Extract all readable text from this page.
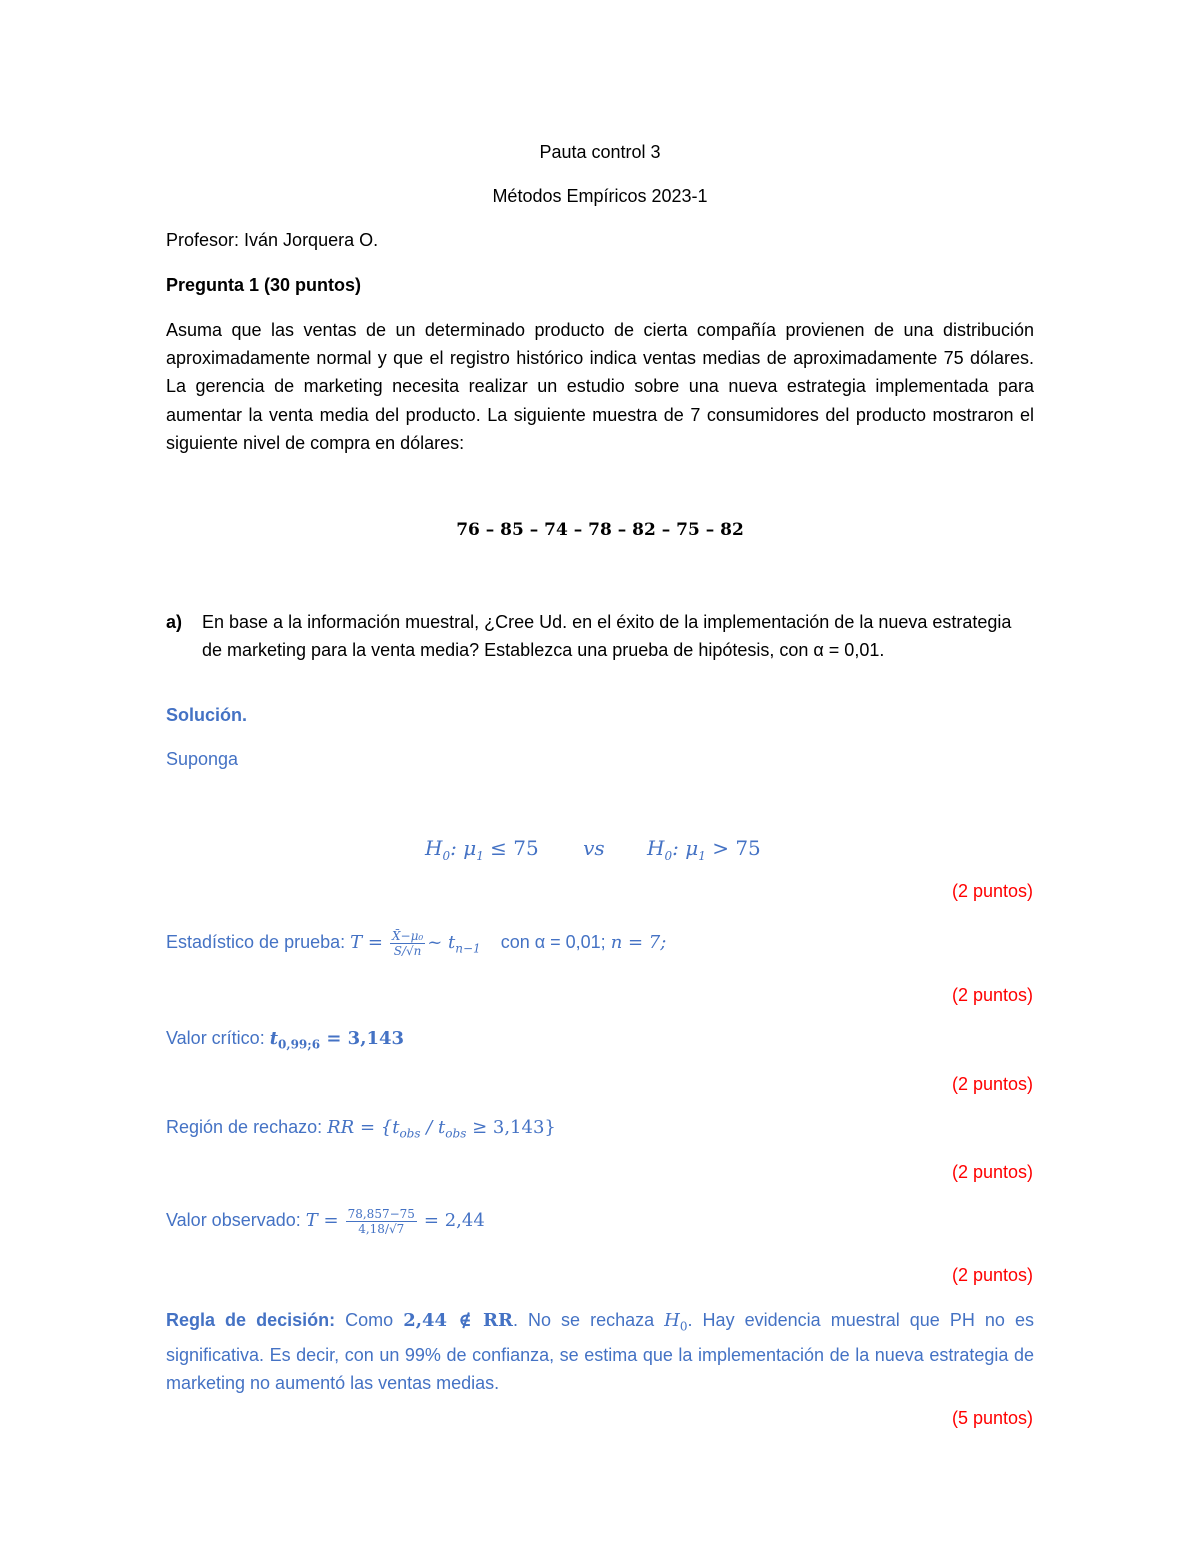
Pauta control 3
Métodos Empíricos 2023-1
Profesor: Iván Jorquera O.
Pregunta 1 (30 puntos)
Asuma que las ventas de un determinado producto de cierta compañía provienen de una distribución aproximadamente normal y que el registro histórico indica ventas medias de aproximadamente 75 dólares. La gerencia de marketing necesita realizar un estudio sobre una nueva estrategia implementada para aumentar la venta media del producto. La siguiente muestra de 7 consumidores del producto mostraron el siguiente nivel de compra en dólares:
76 – 85 – 74 – 78 – 82 – 75 – 82
a) En base a la información muestral, ¿Cree Ud. en el éxito de la implementación de la nueva estrategia de marketing para la venta media? Establezca una prueba de hipótesis, con α = 0,01.
Solución.
Suponga
$H_0$: $\mu_1 \le 75$ vs $H_0$: $\mu_1 > 75$
(2 puntos)
Estadístico de prueba: $T = \frac{\text{X̄−μ₀}}{S/√n}$ ~ $t_{n-1}$ con α = 0,01; n = 7;
(2 puntos)
Valor crítico: $t_{0,99;6} = 3,143$
(2 puntos)
Región de rechazo: RR = $\{t_{obs} / t_{obs} \ge 3,143\}$
(2 puntos)
Valor observado: $T = \frac{78,857-75}{4,18/√7} = 2,44$
(2 puntos)
Regla de decisión: Como 2,44 ∉ RR. No se rechaza $H_0$. Hay evidencia muestral que PH no es significativa. Es decir, con un 99% de confianza, se estima que la implementación de la nueva estrategia de marketing no aumentó las ventas medias.
(5 puntos)
